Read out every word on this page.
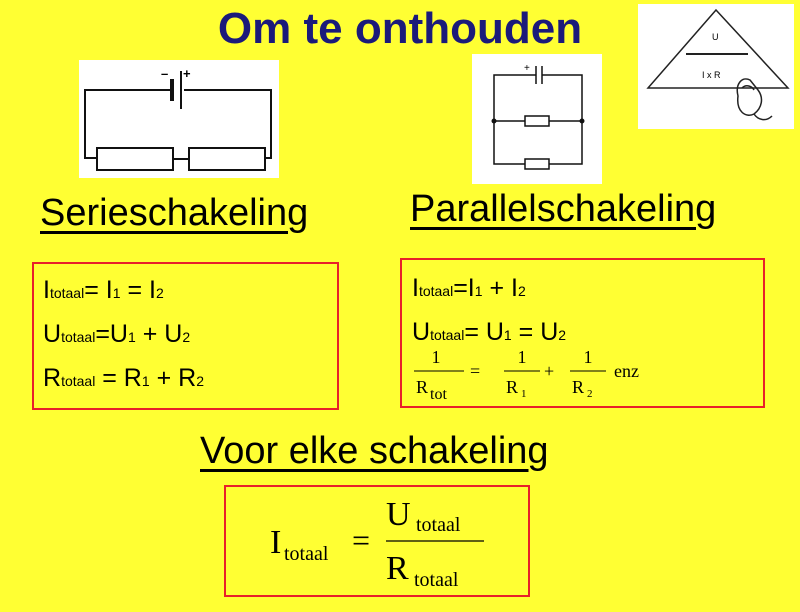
Om te onthouden
– +	+
U
I x R
Serieschakeling	Parallelschakeling
Voor elke schakeling
Itotaal= I1 = I2
Utotaal=U1 + U2
Rtotaal = R1 + R2
Itotaal=I1 + I2
Utotaal= U1 = U2
1
R tot
=
1
R 1
+
1
R 2
enz
I totaal =
U totaal
R totaal
